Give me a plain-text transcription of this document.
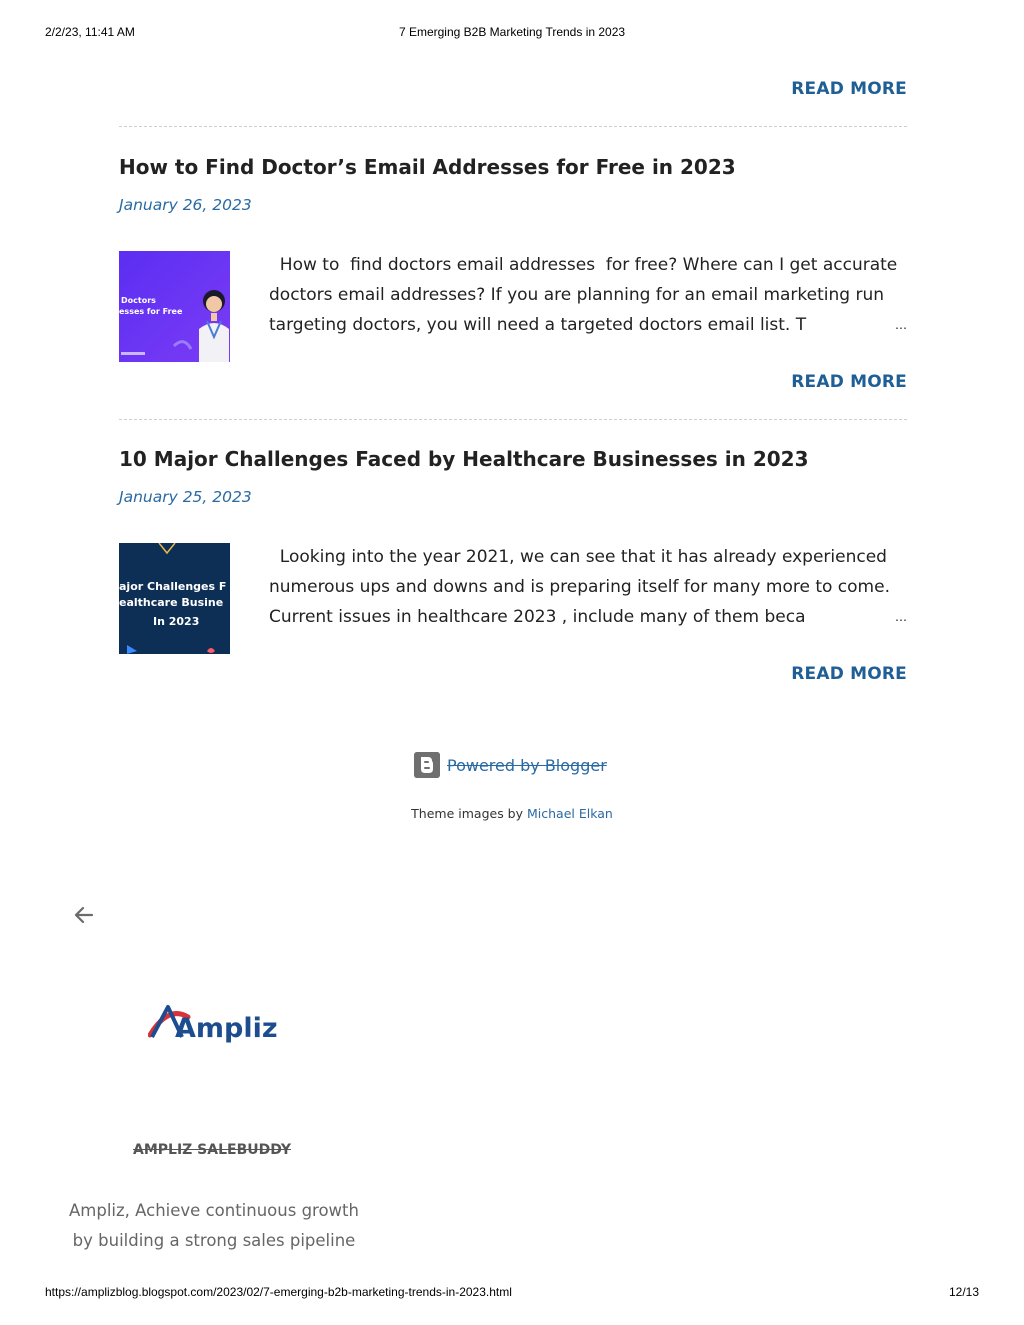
2/2/23, 11:41 AM	7 Emerging B2B Marketing Trends in 2023
READ MORE
How to Find Doctor’s Email Addresses for Free in 2023
January 26, 2023
Doctors
esses for Free
How to  find doctors email addresses  for free? Where can I get accurate
doctors email addresses? If you are planning for an email marketing run
targeting doctors, you will need a targeted doctors email list. T	…
READ MORE
10 Major Challenges Faced by Healthcare Businesses in 2023
January 25, 2023
ajor Challenges F
ealthcare Busine
In 2023
Looking into the year 2021, we can see that it has already experienced
numerous ups and downs and is preparing itself for many more to come.
Current issues in healthcare 2023 , include many of them beca	…
READ MORE
Powered by Blogger
Theme images by Michael Elkan
Ampliz
AMPLIZ SALEBUDDY
Ampliz, Achieve continuous growth
by building a strong sales pipeline
https://amplizblog.blogspot.com/2023/02/7-emerging-b2b-marketing-trends-in-2023.html	12/13
